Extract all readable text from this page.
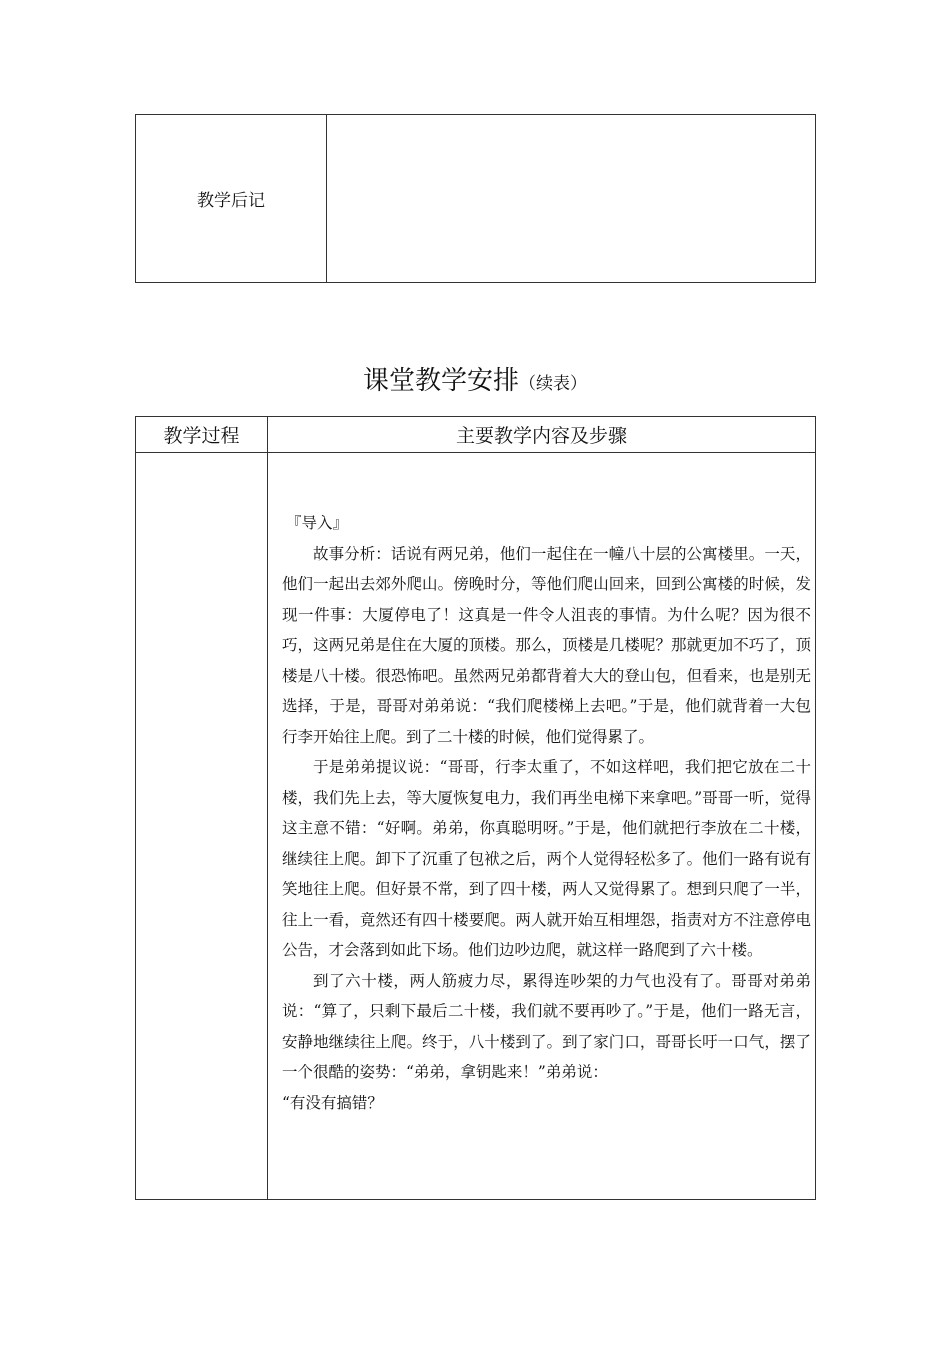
教学后记
课堂教学安排（续表）
教学过程	主要教学内容及步骤

『导入』

故事分析：话说有两兄弟，他们一起住在一幢八十层的公寓楼里。一天，他们一起出去郊外爬山。傍晚时分，等他们爬山回来，回到公寓楼的时候，发现一件事：大厦停电了！这真是一件令人沮丧的事情。为什么呢？因为很不巧，这两兄弟是住在大厦的顶楼。那么，顶楼是几楼呢？那就更加不巧了，顶楼是八十楼。很恐怖吧。虽然两兄弟都背着大大的登山包，但看来，也是别无选择，于是，哥哥对弟弟说：“我们爬楼梯上去吧。”于是，他们就背着一大包行李开始往上爬。到了二十楼的时候，他们觉得累了。

于是弟弟提议说：“哥哥，行李太重了，不如这样吧，我们把它放在二十楼，我们先上去，等大厦恢复电力，我们再坐电梯下来拿吧。”哥哥一听，觉得这主意不错：“好啊。弟弟，你真聪明呀。”于是，他们就把行李放在二十楼，继续往上爬。卸下了沉重了包袱之后，两个人觉得轻松多了。他们一路有说有笑地往上爬。但好景不常，到了四十楼，两人又觉得累了。想到只爬了一半，往上一看，竟然还有四十楼要爬。两人就开始互相埋怨，指责对方不注意停电公告，才会落到如此下场。他们边吵边爬，就这样一路爬到了六十楼。

到了六十楼，两人筋疲力尽，累得连吵架的力气也没有了。哥哥对弟弟说：“算了，只剩下最后二十楼，我们就不要再吵了。”于是，他们一路无言，安静地继续往上爬。终于，八十楼到了。到了家门口，哥哥长吁一口气，摆了一个很酷的姿势：“弟弟，拿钥匙来！”弟弟说：

“有没有搞错？
